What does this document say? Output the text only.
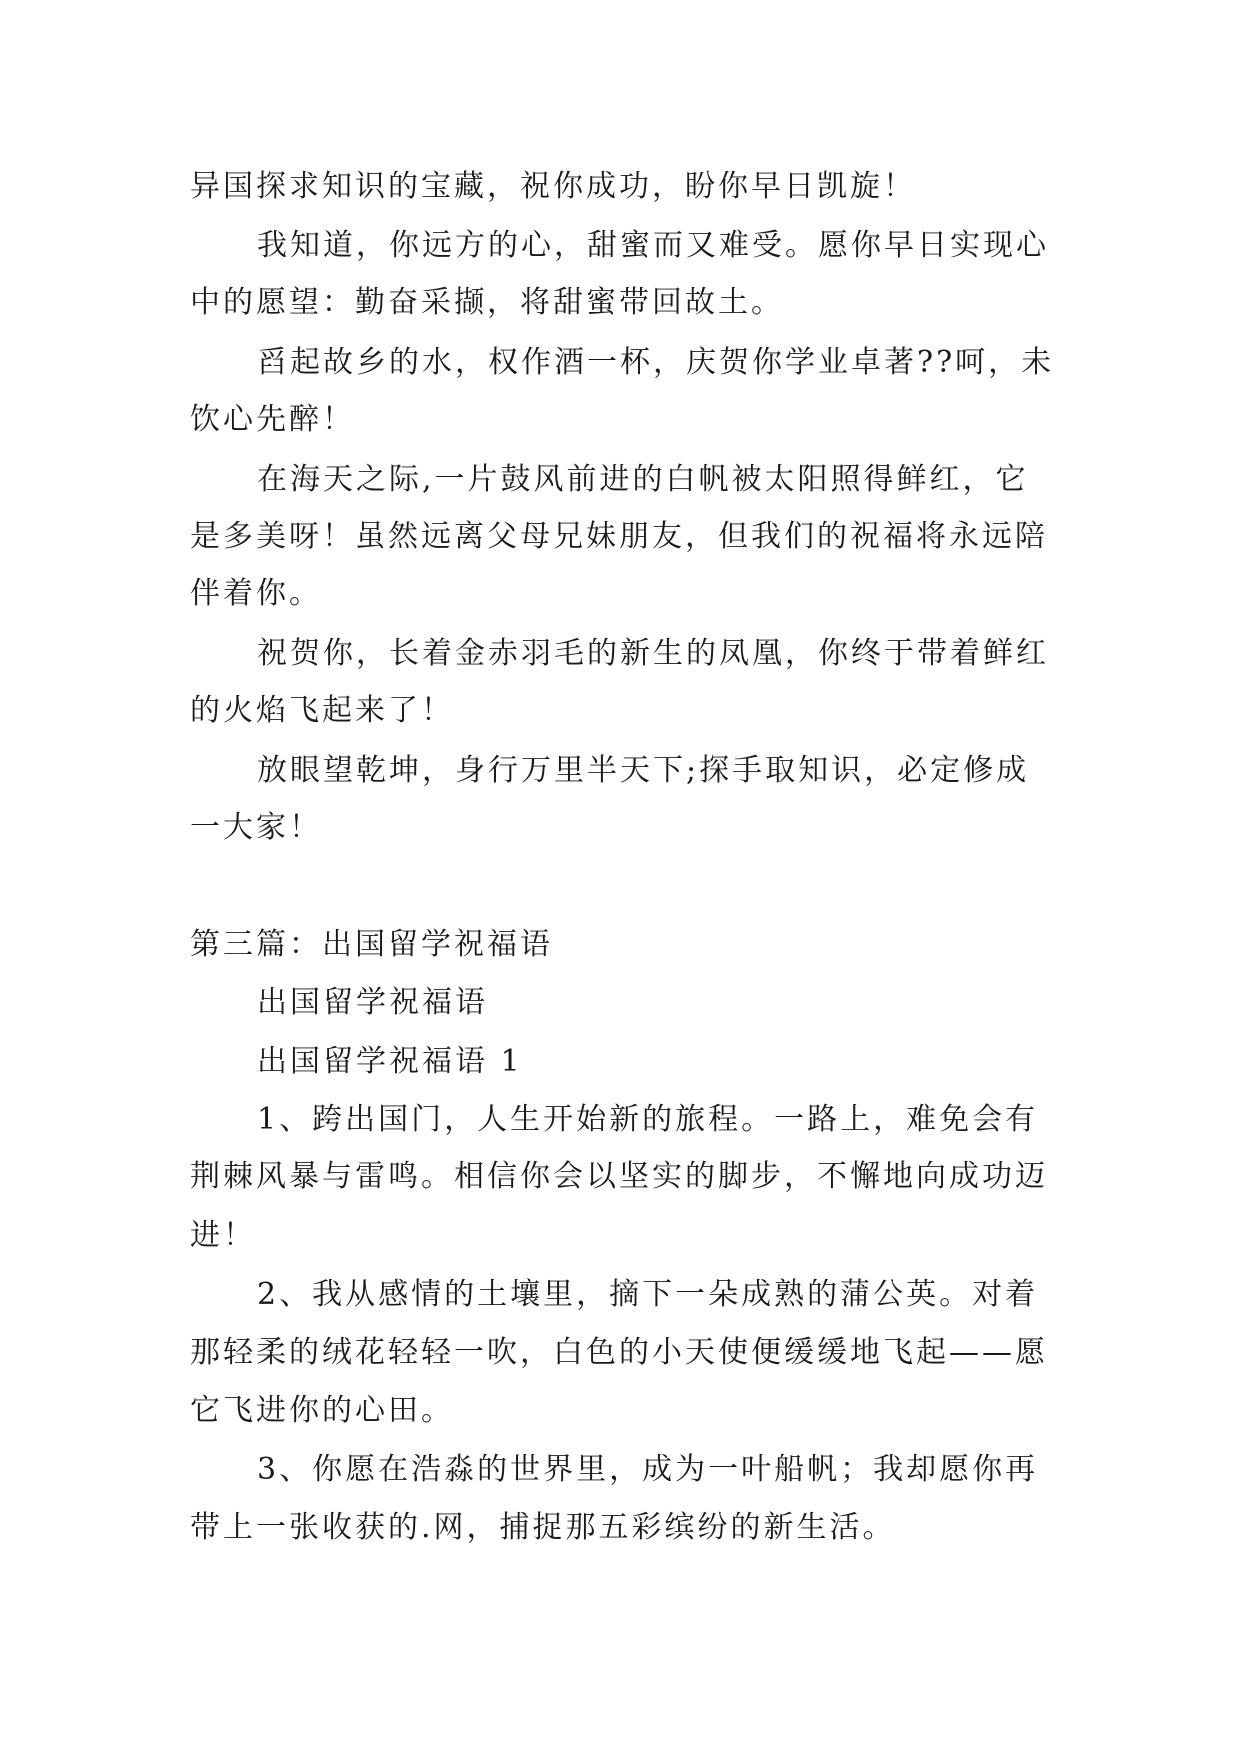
异国探求知识的宝藏，祝你成功，盼你早日凯旋！
我知道，你远方的心，甜蜜而又难受。愿你早日实现心
中的愿望：勤奋采撷，将甜蜜带回故土。
舀起故乡的水，权作酒一杯，庆贺你学业卓著??呵，未
饮心先醉！
在海天之际,一片鼓风前进的白帆被太阳照得鲜红，它
是多美呀！虽然远离父母兄妹朋友，但我们的祝福将永远陪
伴着你。
祝贺你，长着金赤羽毛的新生的凤凰，你终于带着鲜红
的火焰飞起来了！
放眼望乾坤，身行万里半天下;探手取知识，必定修成
一大家！
第三篇：出国留学祝福语
出国留学祝福语
出国留学祝福语 1
1、跨出国门，人生开始新的旅程。一路上，难免会有
荆棘风暴与雷鸣。相信你会以坚实的脚步，不懈地向成功迈
进！
2、我从感情的土壤里，摘下一朵成熟的蒲公英。对着
那轻柔的绒花轻轻一吹，白色的小天使便缓缓地飞起——愿
它飞进你的心田。
3、你愿在浩淼的世界里，成为一叶船帆；我却愿你再
带上一张收获的.网，捕捉那五彩缤纷的新生活。
